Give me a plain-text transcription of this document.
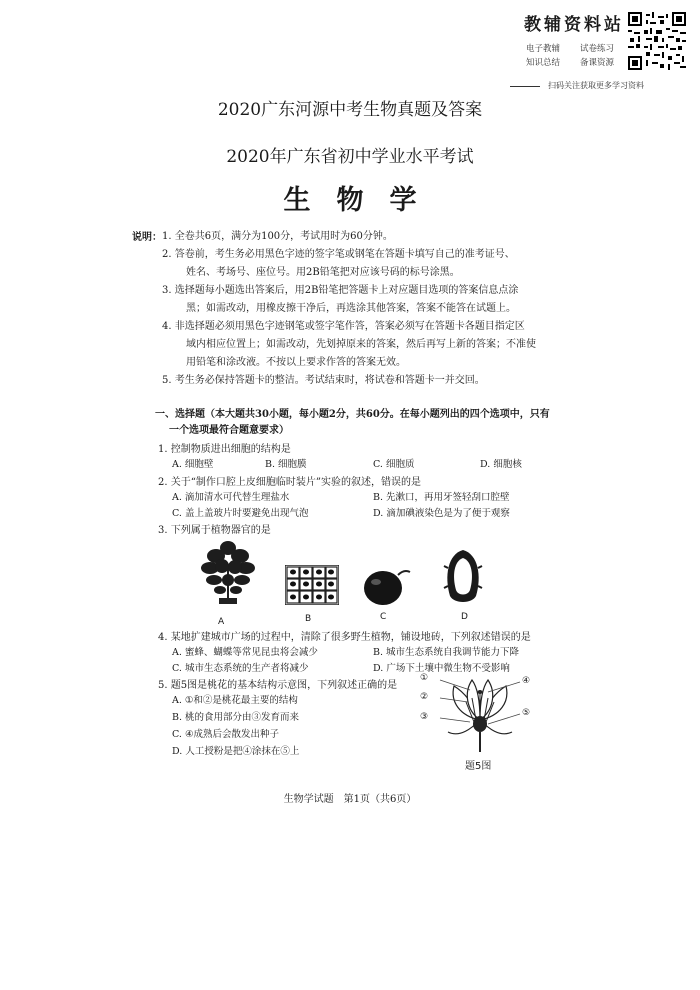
教辅资料站
电子教辅 试卷练习
知识总结 备课资源
扫码关注获取更多学习资料
2020广东河源中考生物真题及答案
2020年广东省初中学业水平考试
生物学
说明： 1. 全卷共6页，满分为100分，考试用时为60分钟。
2. 答卷前，考生务必用黑色字迹的签字笔或钢笔在答题卡填写自己的准考证号、
姓名、考场号、座位号。用2B铅笔把对应该号码的标号涂黑。
3. 选择题每小题选出答案后，用2B铅笔把答题卡上对应题目选项的答案信息点涂
黑；如需改动，用橡皮擦干净后，再选涂其他答案，答案不能答在试题上。
4. 非选择题必须用黑色字迹钢笔或签字笔作答，答案必须写在答题卡各题目指定区
域内相应位置上；如需改动，先划掉原来的答案，然后再写上新的答案；不准使
用铅笔和涂改液。不按以上要求作答的答案无效。
5. 考生务必保持答题卡的整洁。考试结束时，将试卷和答题卡一并交回。
一、选择题（本大题共30小题，每小题2分，共60分。在每小题列出的四个选项中，只有
一个选项最符合题意要求）
1. 控制物质进出细胞的结构是
A. 细胞壁	B. 细胞膜	C. 细胞质	D. 细胞核
2. 关于“制作口腔上皮细胞临时装片”实验的叙述，错误的是
A. 滴加清水可代替生理盐水	B. 先漱口，再用牙签轻刮口腔壁
C. 盖上盖玻片时要避免出现气泡	D. 滴加碘液染色是为了便于观察
3. 下列属于植物器官的是
A	B	C	D
4. 某地扩建城市广场的过程中，清除了很多野生植物，铺设地砖，下列叙述错误的是
A. 蜜蜂、蝴蝶等常见昆虫将会减少	B. 城市生态系统自我调节能力下降
C. 城市生态系统的生产者将减少	D. 广场下土壤中微生物不受影响
5. 题5图是桃花的基本结构示意图，下列叙述正确的是
A. ①和②是桃花最主要的结构
B. 桃的食用部分由③发育而来
C. ④成熟后会散发出种子
D. 人工授粉是把④涂抹在⑤上
①
②
③
④
⑤
题5图
生物学试题　第1页（共6页）
